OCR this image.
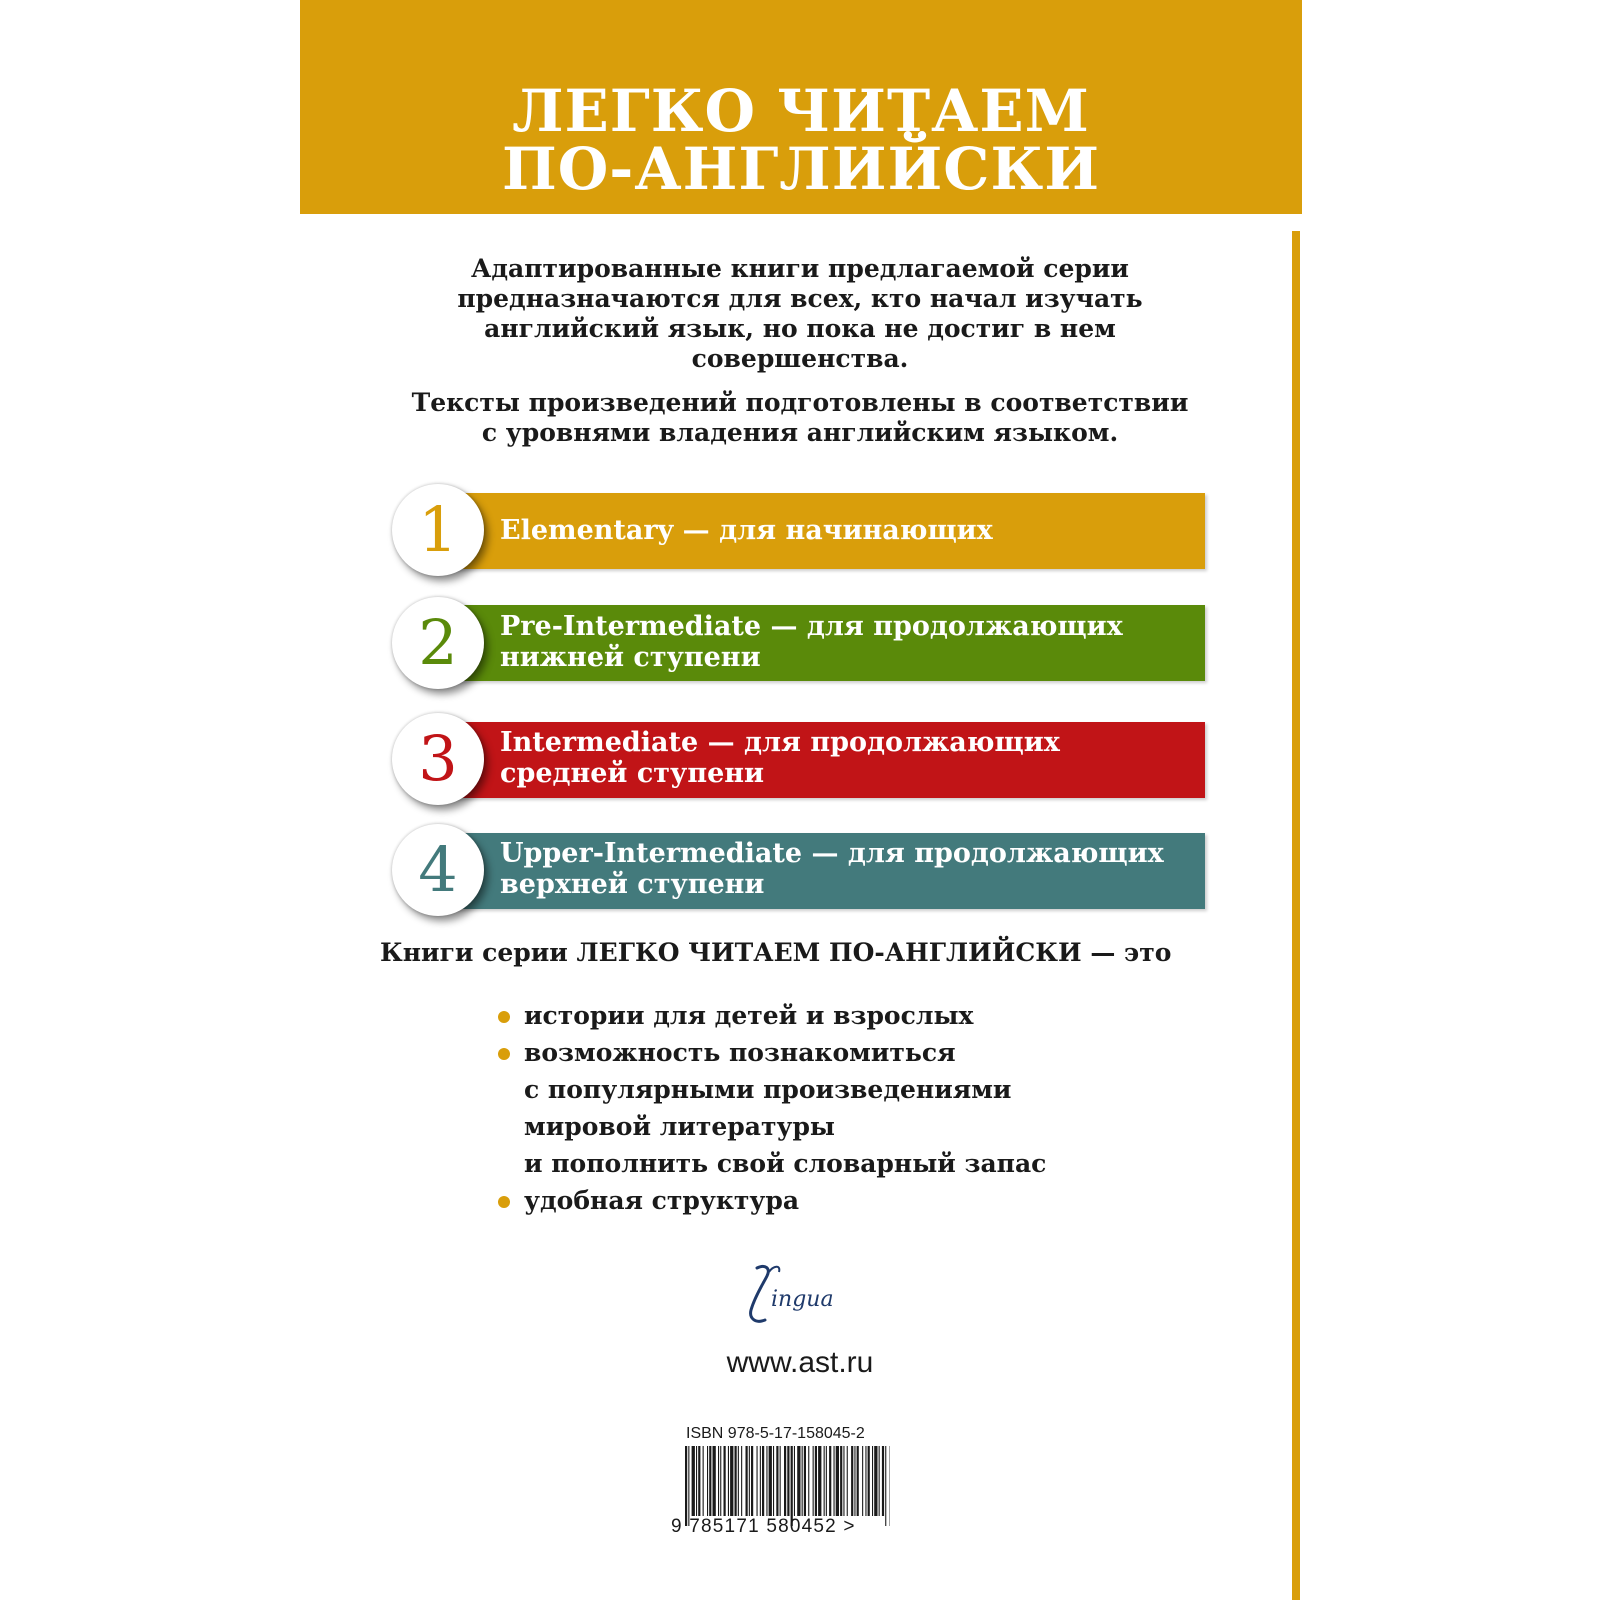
ЛЕГКО ЧИТАЕМ
ПО-АНГЛИЙСКИ
Адаптированные книги предлагаемой серии
предназначаются для всех, кто начал изучать
английский язык, но пока не достиг в нем
совершенства.
Тексты произведений подготовлены в соответствии
с уровнями владения английским языком.
1 Elementary — для начинающих
2 Pre-Intermediate — для продолжающих
нижней ступени
3 Intermediate — для продолжающих
средней ступени
4 Upper-Intermediate — для продолжающих
верхней ступени
Книги серии ЛЕГКО ЧИТАЕМ ПО-АНГЛИЙСКИ — это
истории для детей и взрослых
возможность познакомиться
с популярными произведениями
мировой литературы
и пополнить свой словарный запас
удобная структура
ingua
www.ast.ru
ISBN 978-5-17-158045-2
9 785171 580452 >
